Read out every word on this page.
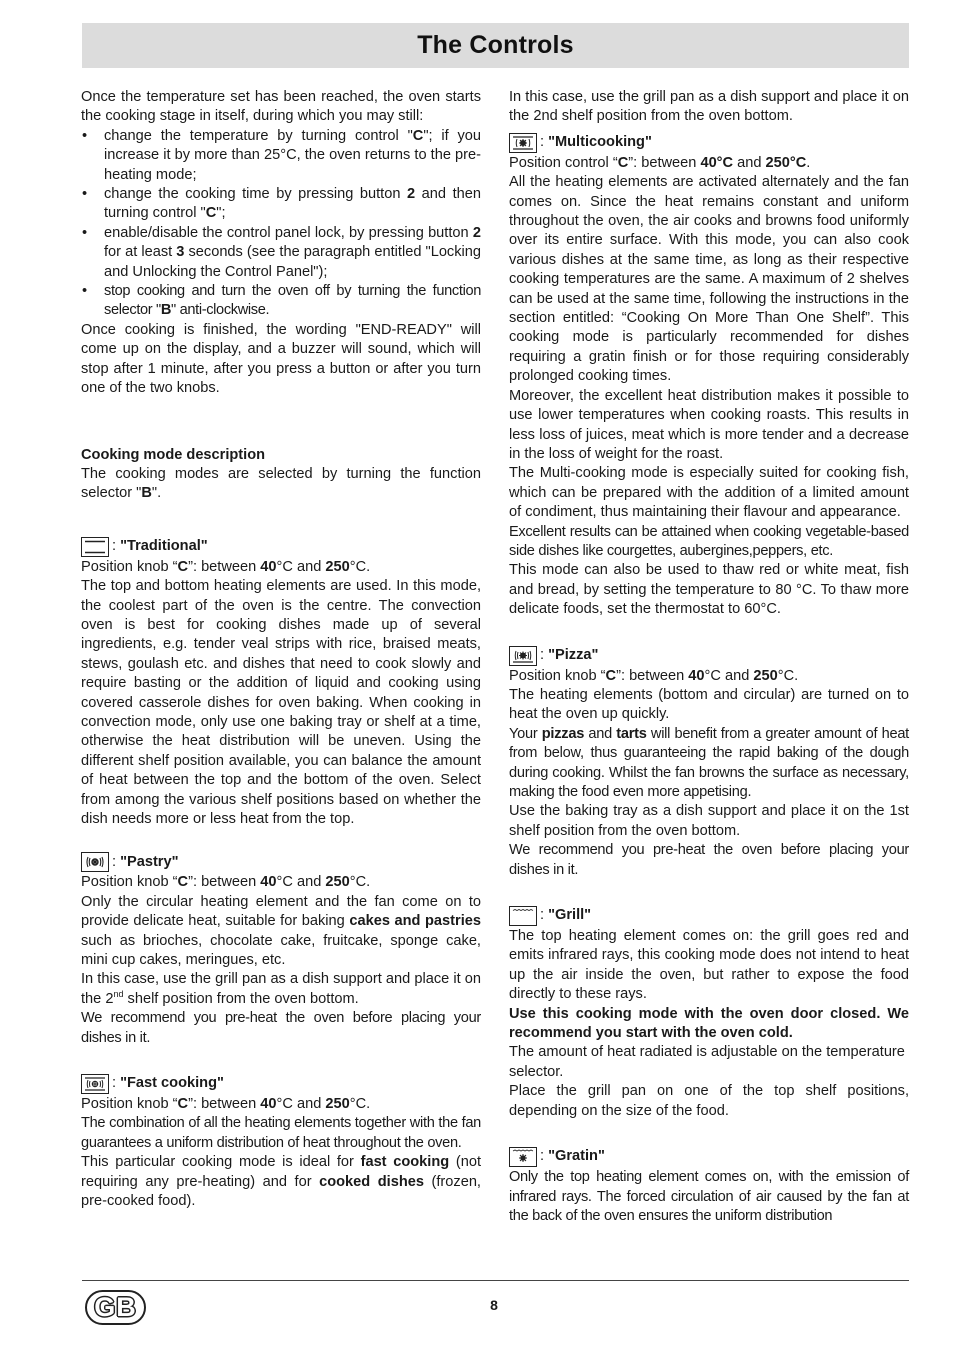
The Controls

Once the temperature set has been reached, the oven starts the cooking stage in itself, during which you may still:

• change the temperature by turning control "C"; if you increase it by more than 25°C, the oven returns to the pre-heating mode;
• change the cooking time by pressing button 2 and then turning control "C";
• enable/disable the control panel lock, by pressing button 2 for at least 3 seconds (see the paragraph entitled "Locking and Unlocking the Control Panel");
• stop cooking and turn the oven off by turning the function selector "B" anti-clockwise.

Once cooking is finished, the wording "END-READY" will come up on the display, and a buzzer will sound, which will stop after 1 minute, after you press a button or after you turn one of the two knobs.

Cooking mode description

The cooking modes are selected by turning the function selector "B".

: "Traditional"

Position knob “C”: between 40°C and 250°C.

The top and bottom heating elements are used. In this mode, the coolest part of the oven is the centre. The convection oven is best for cooking dishes made up of several ingredients, e.g. tender veal strips with rice, braised meats, stews, goulash etc. and dishes that need to cook slowly and require basting or the addition of liquid and cooking using covered casserole dishes for oven baking. When cooking in convection mode, only use one baking tray or shelf at a time, otherwise the heat distribution will be uneven. Using the different shelf position available, you can balance the amount of heat between the top and the bottom of the oven. Select from among the various shelf positions based on whether the dish needs more or less heat from the top.

: "Pastry"

Position knob “C”: between 40°C and 250°C.

Only the circular heating element and the fan come on to provide delicate heat, suitable for baking cakes and pastries such as brioches, chocolate cake, fruitcake, sponge cake, mini cup cakes, meringues, etc.

In this case, use the grill pan as a dish support and place it on the 2nd shelf position from the oven bottom.

We recommend you pre-heat the oven before placing your dishes in it.

: "Fast cooking"

Position knob “C”: between 40°C and 250°C.

The combination of all the heating elements together with the fan guarantees a uniform distribution of heat throughout the oven.

This particular cooking mode is ideal for fast cooking (not requiring any pre-heating) and for cooked dishes (frozen, pre-cooked food).

In this case, use the grill pan as a dish support and place it on the 2nd shelf position from the oven bottom.

: "Multicooking"

Position control “C”: between 40°C and 250°C.

All the heating elements are activated alternately and the fan comes on. Since the heat remains constant and uniform throughout the oven, the air cooks and browns food uniformly over its entire surface. With this mode, you can also cook various dishes at the same time, as long as their respective cooking temperatures are the same. A maximum of 2 shelves can be used at the same time, following the instructions in the section entitled: “Cooking On More Than One Shelf”. This cooking mode is particularly recommended for dishes requiring a gratin finish or for those requiring considerably prolonged cooking times.

Moreover, the excellent heat distribution makes it possible to use lower temperatures when cooking roasts. This results in less loss of juices, meat which is more tender and a decrease in the loss of weight for the roast.

The Multi-cooking mode is especially suited for cooking fish, which can be prepared with the addition of a limited amount of condiment, thus maintaining their flavour and appearance.

Excellent results can be attained when cooking vegetable-based side dishes like courgettes, aubergines,peppers, etc.

This mode can also be used to thaw red or white meat, fish and bread, by setting the temperature to 80 °C. To thaw more delicate foods, set the thermostat to 60°C.

: "Pizza"

Position knob “C”: between 40°C and 250°C.

The heating elements (bottom and circular) are turned on to heat the oven up quickly.

Your pizzas and tarts will benefit from a greater amount of heat from below, thus guaranteeing the rapid baking of the dough during cooking. Whilst the fan browns the surface as necessary, making the food even more appetising.

Use the baking tray as a dish support and place it on the 1st shelf position from the oven bottom.

We recommend you pre-heat the oven before placing your dishes in it.

: "Grill"

The top heating element comes on: the grill goes red and emits infrared rays, this cooking mode does not intend to heat up the air inside the oven, but rather to expose the food directly to these rays.

Use this cooking mode with the oven door closed. We recommend you start with the oven cold.

The amount of heat radiated is adjustable on the temperature selector.

Place the grill pan on one of the top shelf positions, depending on the size of the food.

: "Gratin"

Only the top heating element comes on, with the emission of infrared rays. The forced circulation of air caused by the fan at the back of the oven ensures the uniform distribution

GB	8
